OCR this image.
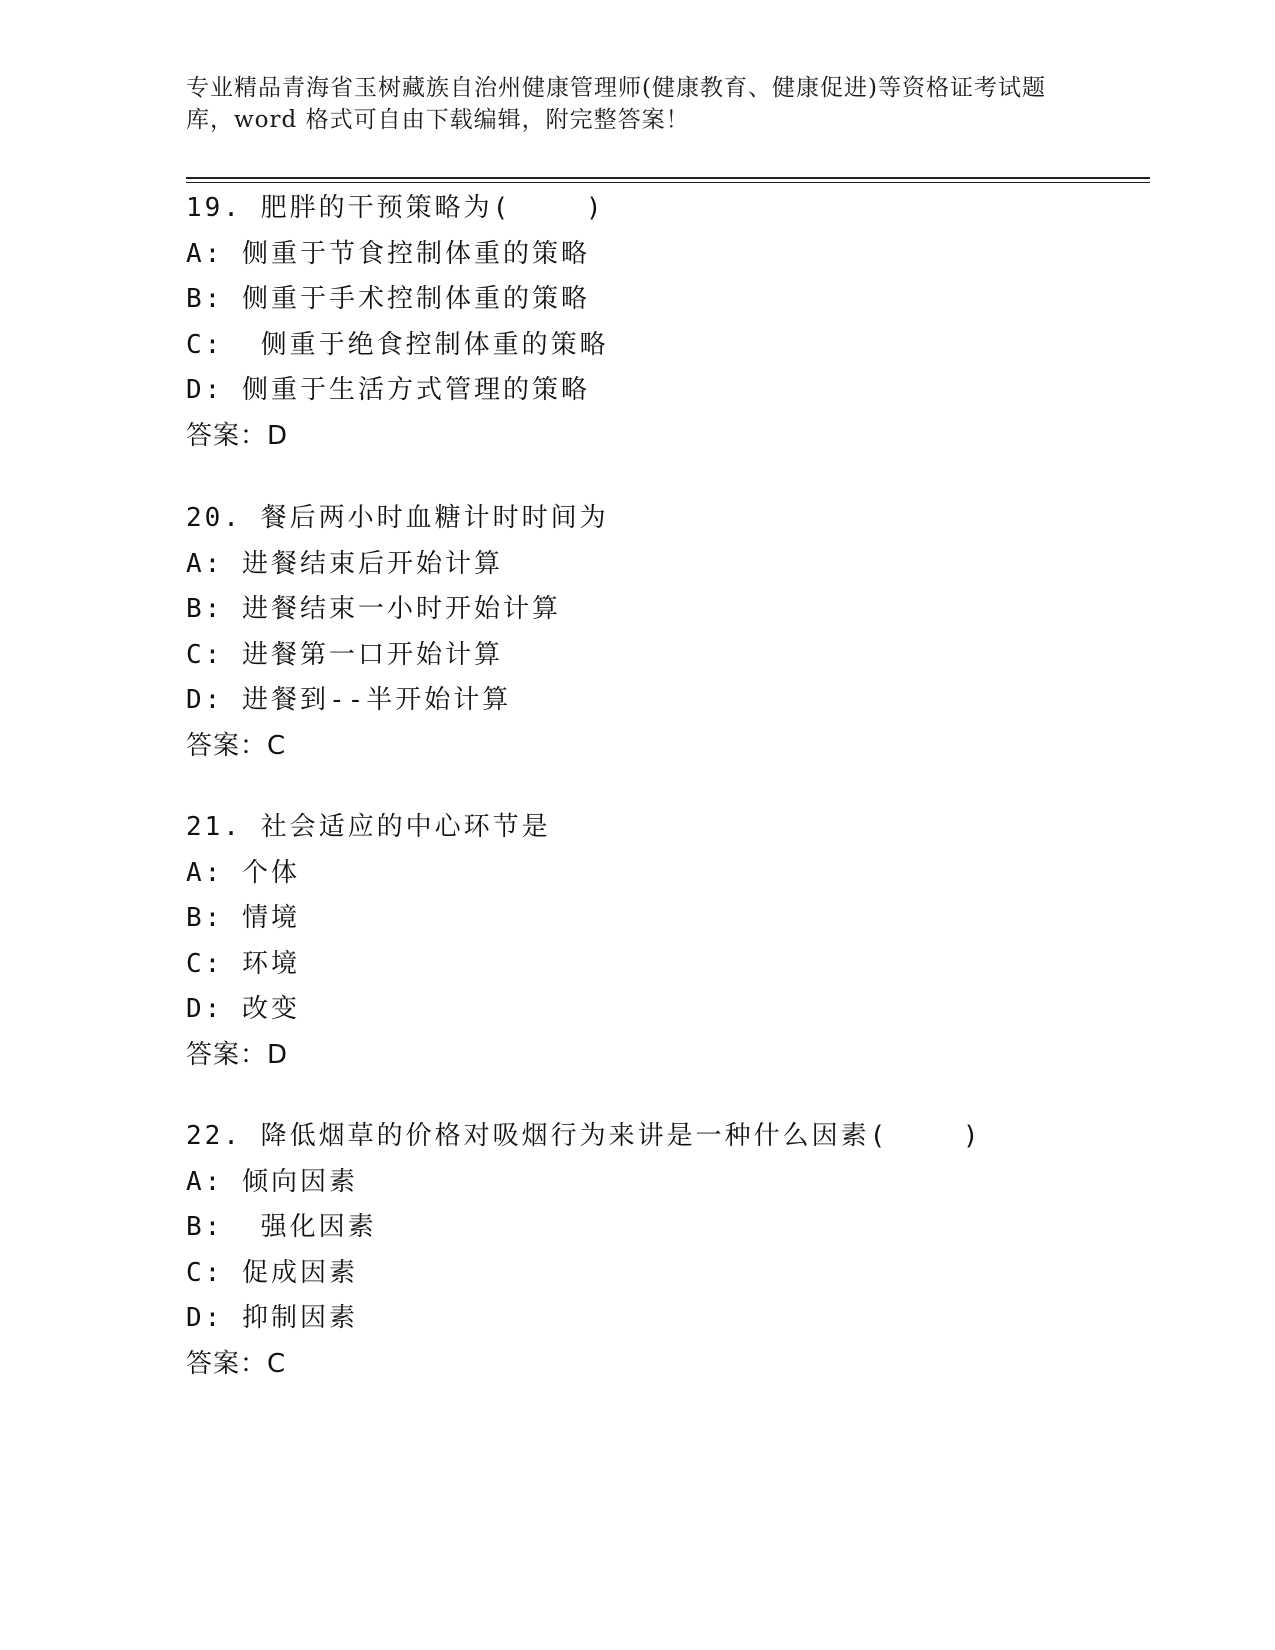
专业精品青海省玉树藏族自治州健康管理师(健康教育、健康促进)等资格证考试题
库，word 格式可自由下载编辑，附完整答案！
19. 肥胖的干预策略为(    )
A: 侧重于节食控制体重的策略
B: 侧重于手术控制体重的策略
C:  侧重于绝食控制体重的策略
D: 侧重于生活方式管理的策略
答案：D
20. 餐后两小时血糖计时时间为
A: 进餐结束后开始计算
B: 进餐结束一小时开始计算
C: 进餐第一口开始计算
D: 进餐到--半开始计算
答案：C
21. 社会适应的中心环节是
A: 个体
B: 情境
C: 环境
D: 改变
答案：D
22. 降低烟草的价格对吸烟行为来讲是一种什么因素(    )
A: 倾向因素
B:  强化因素
C: 促成因素
D: 抑制因素
答案：C
